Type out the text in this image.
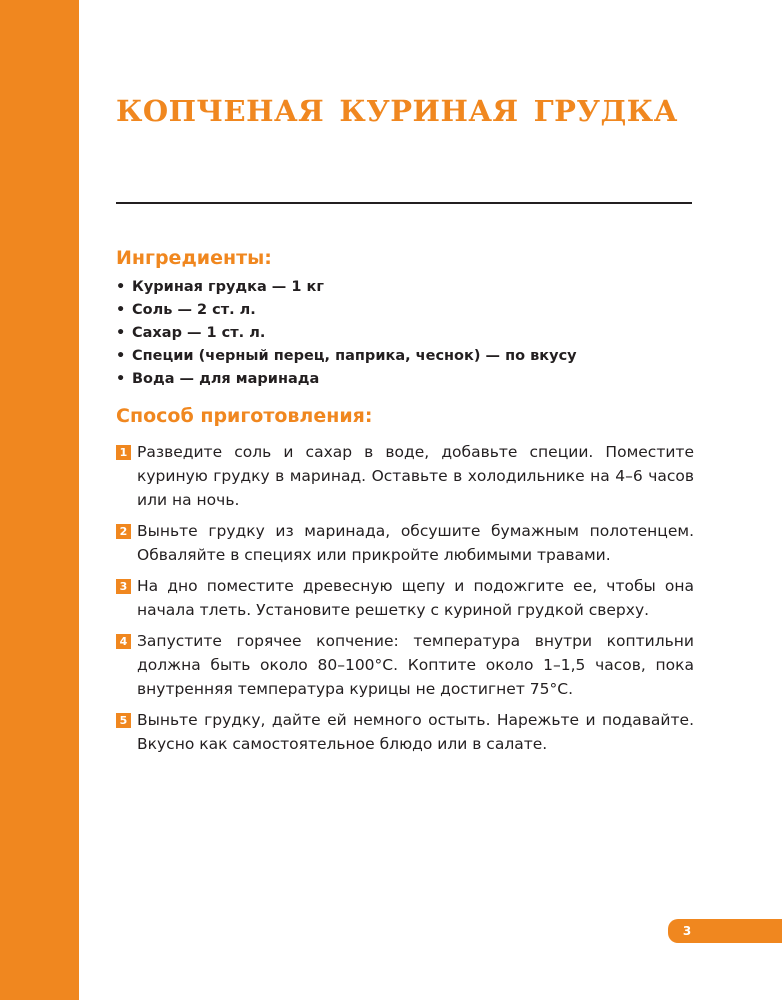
копченая куриная грудка
Ингредиенты:
• Куриная грудка — 1 кг
• Соль — 2 ст. л.
• Сахар — 1 ст. л.
• Специи (черный перец, паприка, чеснок) — по вкусу
• Вода — для маринада
Способ приготовления:
1 Разведите соль и сахар в воде, добавьте специи. Поместите куриную грудку в маринад. Оставьте в холодильнике на 4–6 часов или на ночь.
2 Выньте грудку из маринада, обсушите бумажным полотенцем. Обваляйте в специях или прикройте любимыми травами.
3 На дно поместите древесную щепу и подожгите ее, чтобы она начала тлеть. Установите решетку с куриной грудкой сверху.
4 Запустите горячее копчение: температура внутри коптильни должна быть около 80–100°C. Коптите около 1–1,5 часов, пока внутренняя температура курицы не достигнет 75°C.
5 Выньте грудку, дайте ей немного остыть. Нарежьте и подавайте. Вкусно как самостоятельное блюдо или в салате.
3
